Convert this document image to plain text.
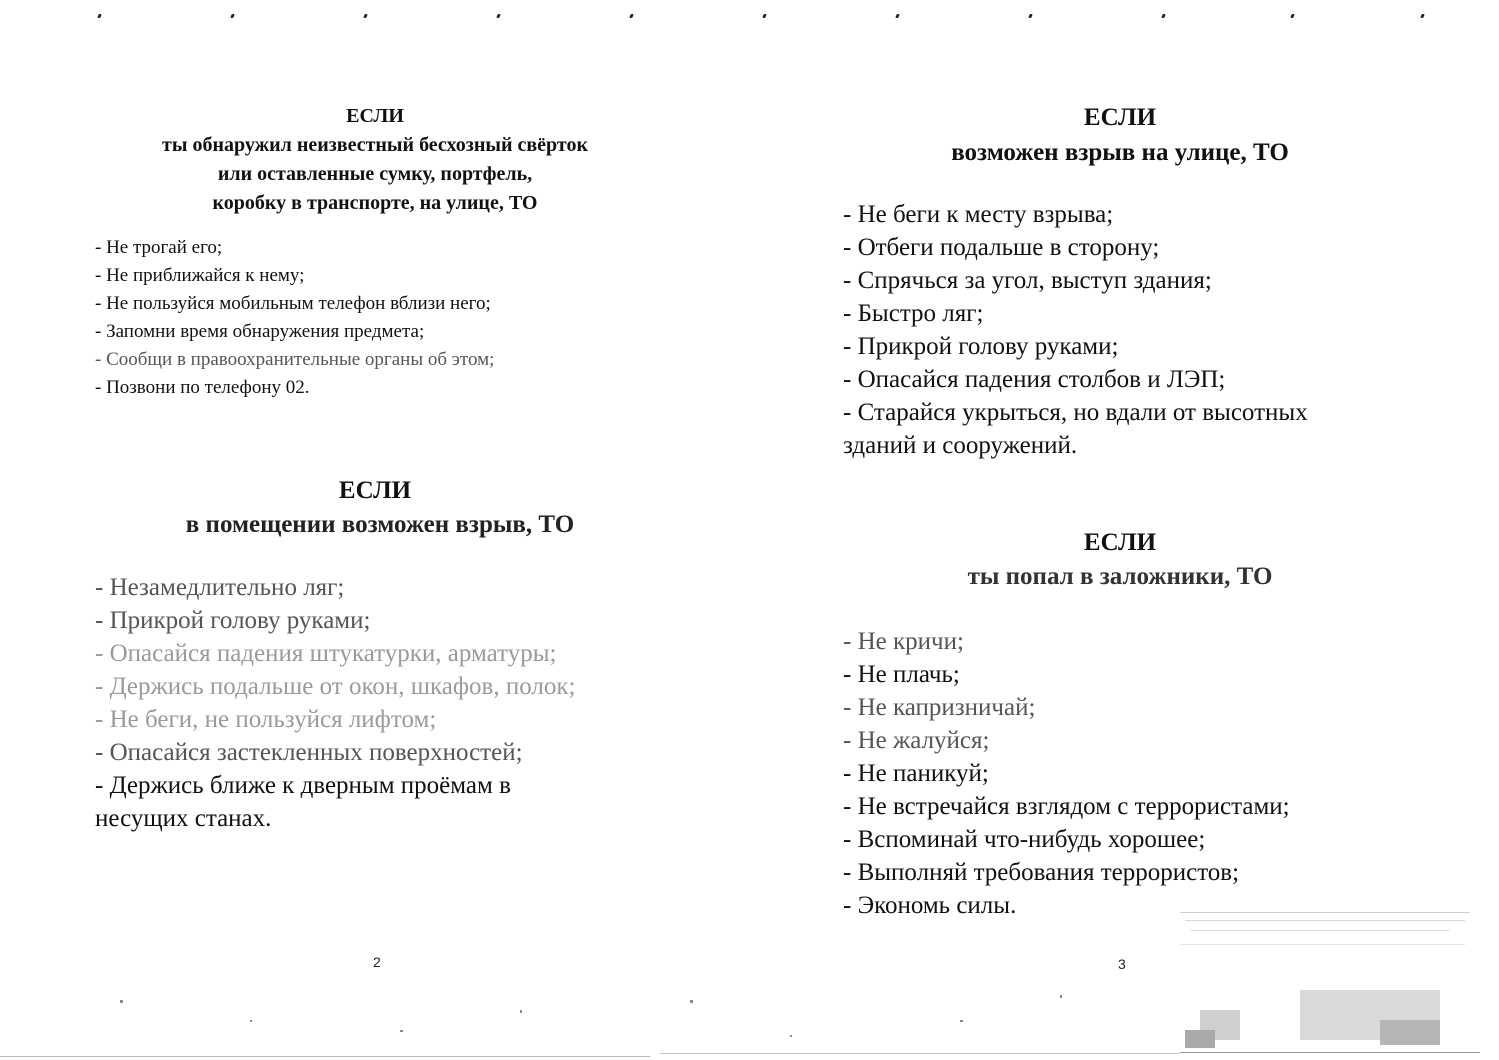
ЕСЛИ
ты обнаружил неизвестный бесхозный свёрток
или оставленные сумку, портфель,
коробку в транспорте, на улице, ТО
- Не трогай его;
- Не приближайся к нему;
- Не пользуйся мобильным телефон вблизи него;
- Запомни время обнаружения предмета;
- Сообщи в правоохранительные органы об этом;
- Позвони по телефону 02.
ЕСЛИ
в помещении возможен взрыв, ТО
- Незамедлительно ляг;
- Прикрой голову руками;
- Опасайся падения штукатурки, арматуры;
- Держись подальше от окон, шкафов, полок;
- Не беги, не пользуйся лифтом;
- Опасайся застекленных поверхностей;
- Держись ближе к дверным проёмам в
несущих станах.
2
ЕСЛИ
возможен взрыв на улице, ТО
- Не беги к месту взрыва;
- Отбеги подальше в сторону;
- Спрячься за угол, выступ здания;
- Быстро ляг;
- Прикрой голову руками;
- Опасайся падения столбов и ЛЭП;
- Старайся укрыться, но вдали от высотных
зданий и сооружений.
ЕСЛИ
ты попал в заложники, ТО
- Не кричи;
- Не плачь;
- Не капризничай;
- Не жалуйся;
- Не паникуй;
- Не встречайся взглядом с террористами;
- Вспоминай что-нибудь хорошее;
- Выполняй требования террористов;
- Экономь силы.
3
